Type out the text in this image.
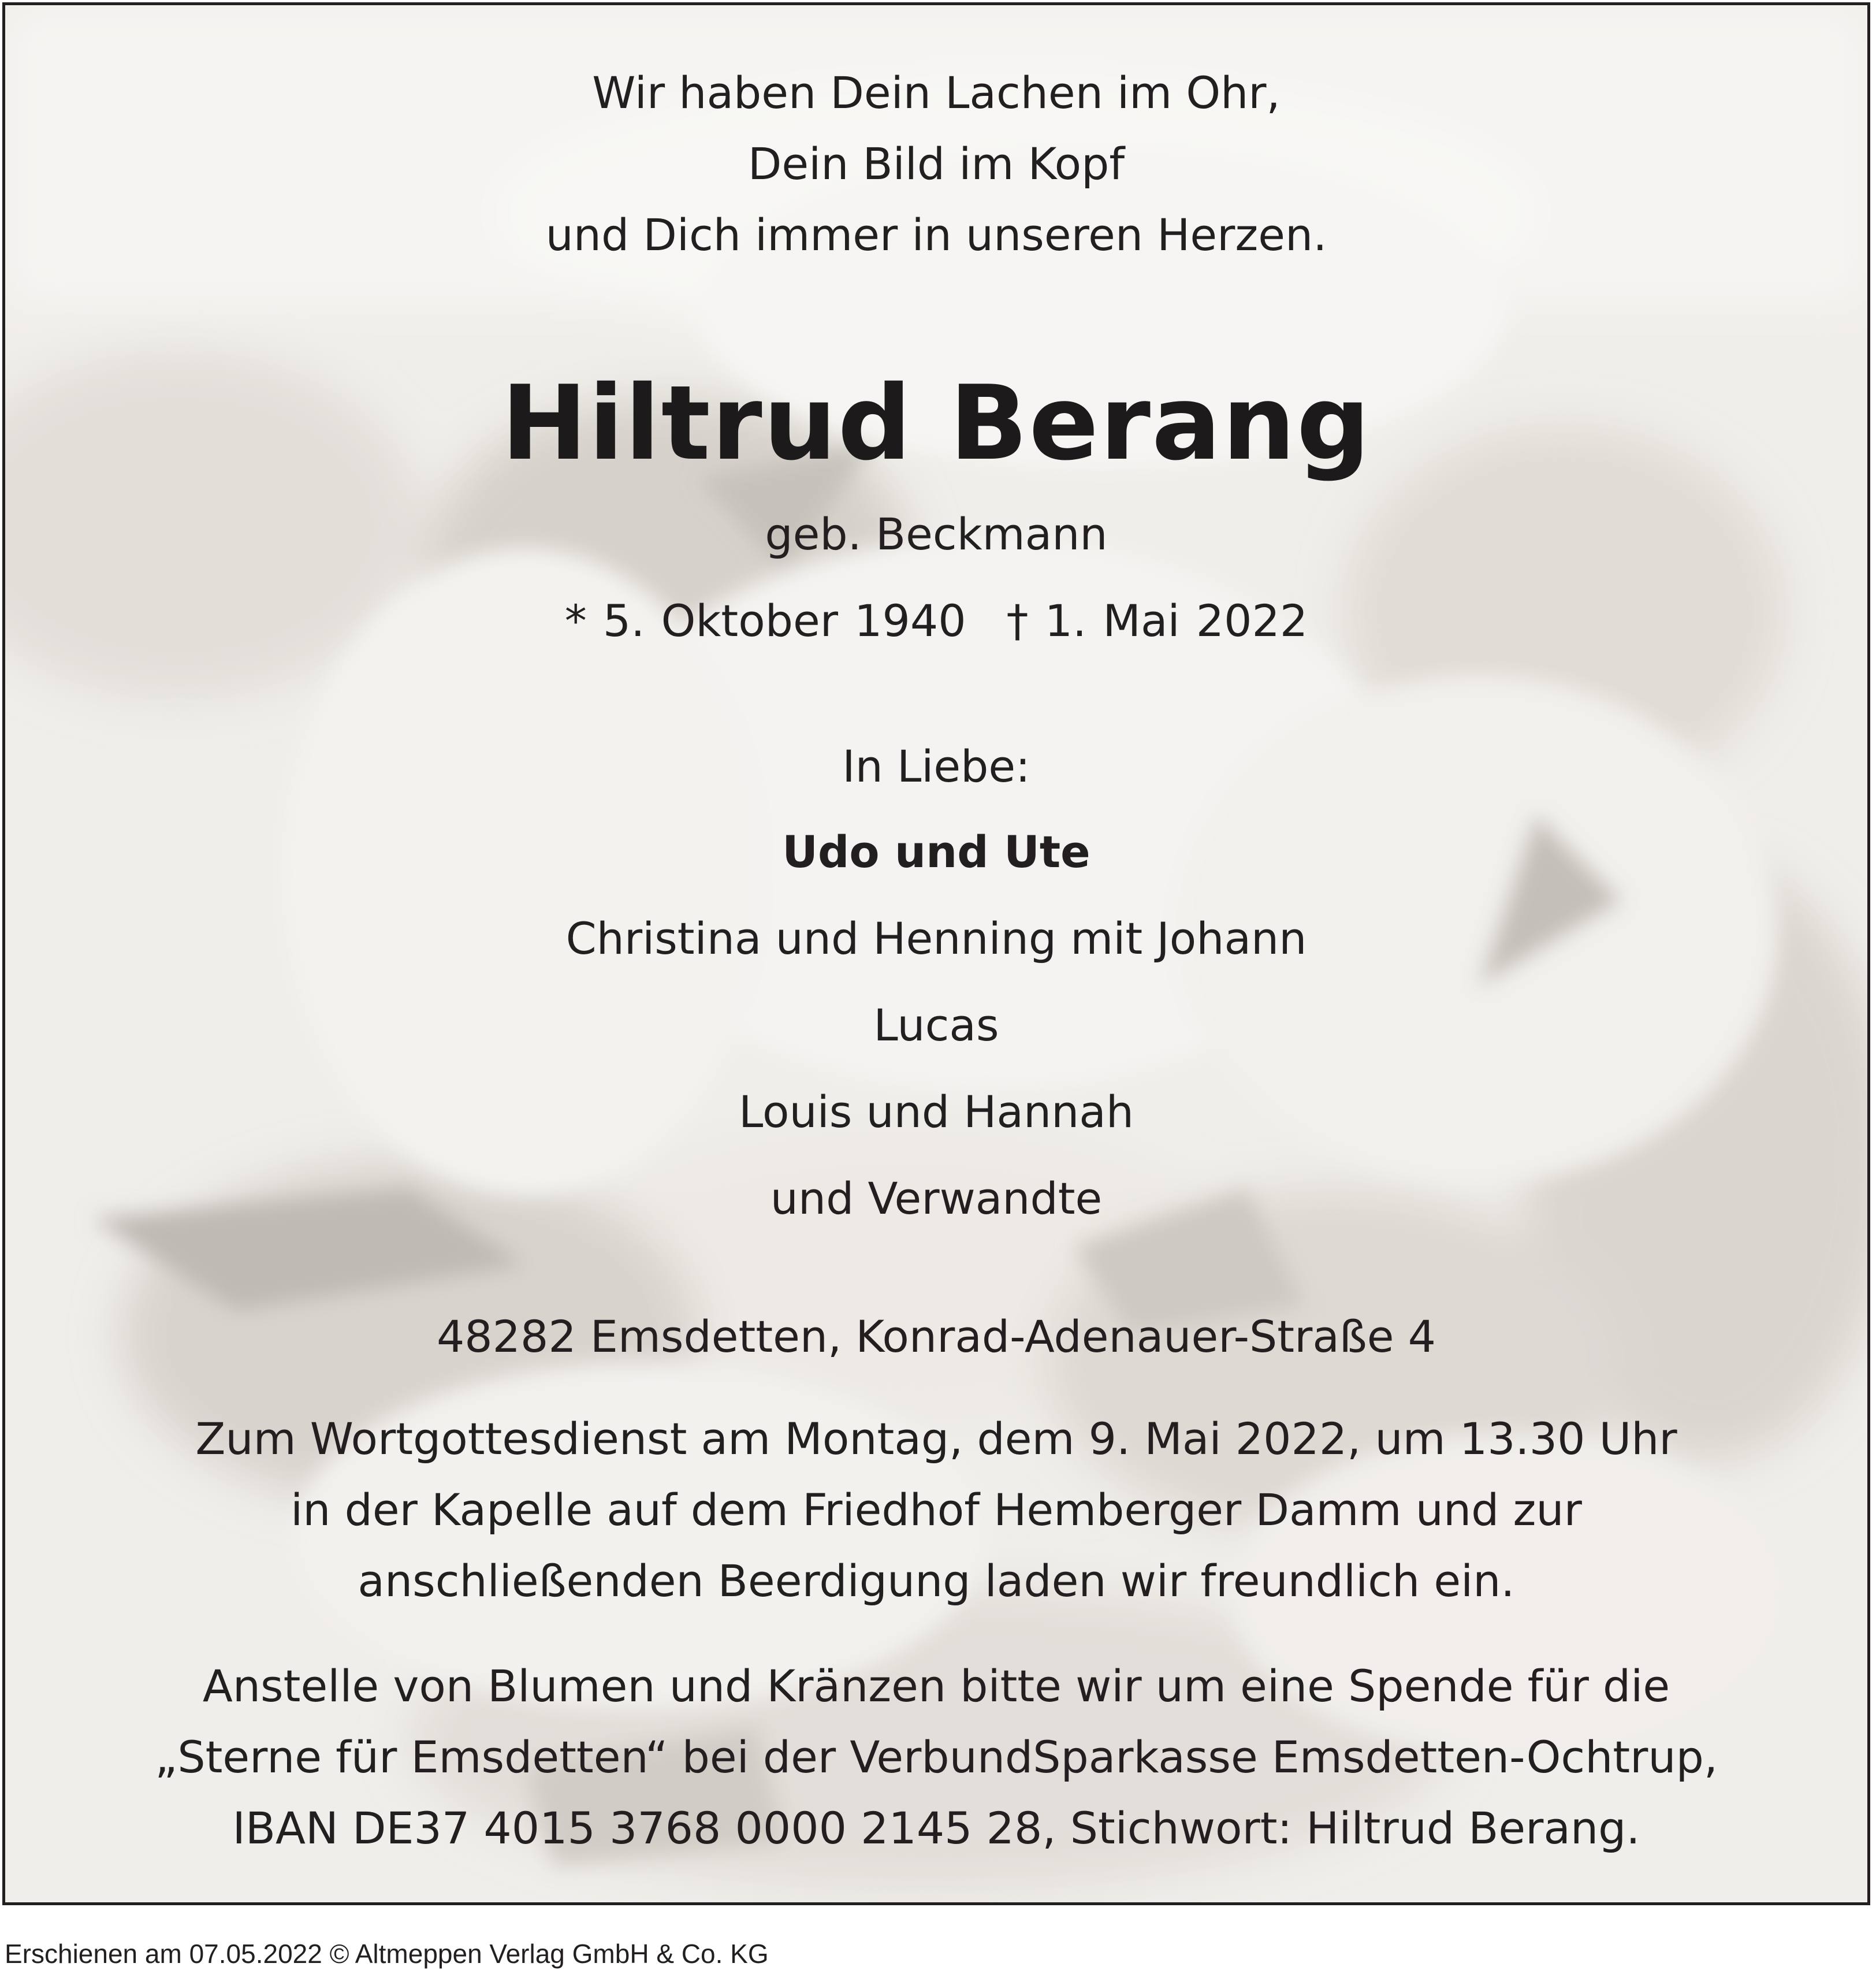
Wir haben Dein Lachen im Ohr,

Dein Bild im Kopf

und Dich immer in unseren Herzen.

Hiltrud Berang

geb. Beckmann

* 5. Oktober 1940 † 1. Mai 2022

In Liebe:

Udo und Ute

Christina und Henning mit Johann

Lucas

Louis und Hannah

und Verwandte

48282 Emsdetten, Konrad-Adenauer-Straße 4

Zum Wortgottesdienst am Montag, dem 9. Mai 2022, um 13.30 Uhr

in der Kapelle auf dem Friedhof Hemberger Damm und zur

anschließenden Beerdigung laden wir freundlich ein.

Anstelle von Blumen und Kränzen bitte wir um eine Spende für die

„Sterne für Emsdetten“ bei der VerbundSparkasse Emsdetten-Ochtrup,

IBAN DE37 4015 3768 0000 2145 28, Stichwort: Hiltrud Berang.

Erschienen am 07.05.2022 © Altmeppen Verlag GmbH & Co. KG
